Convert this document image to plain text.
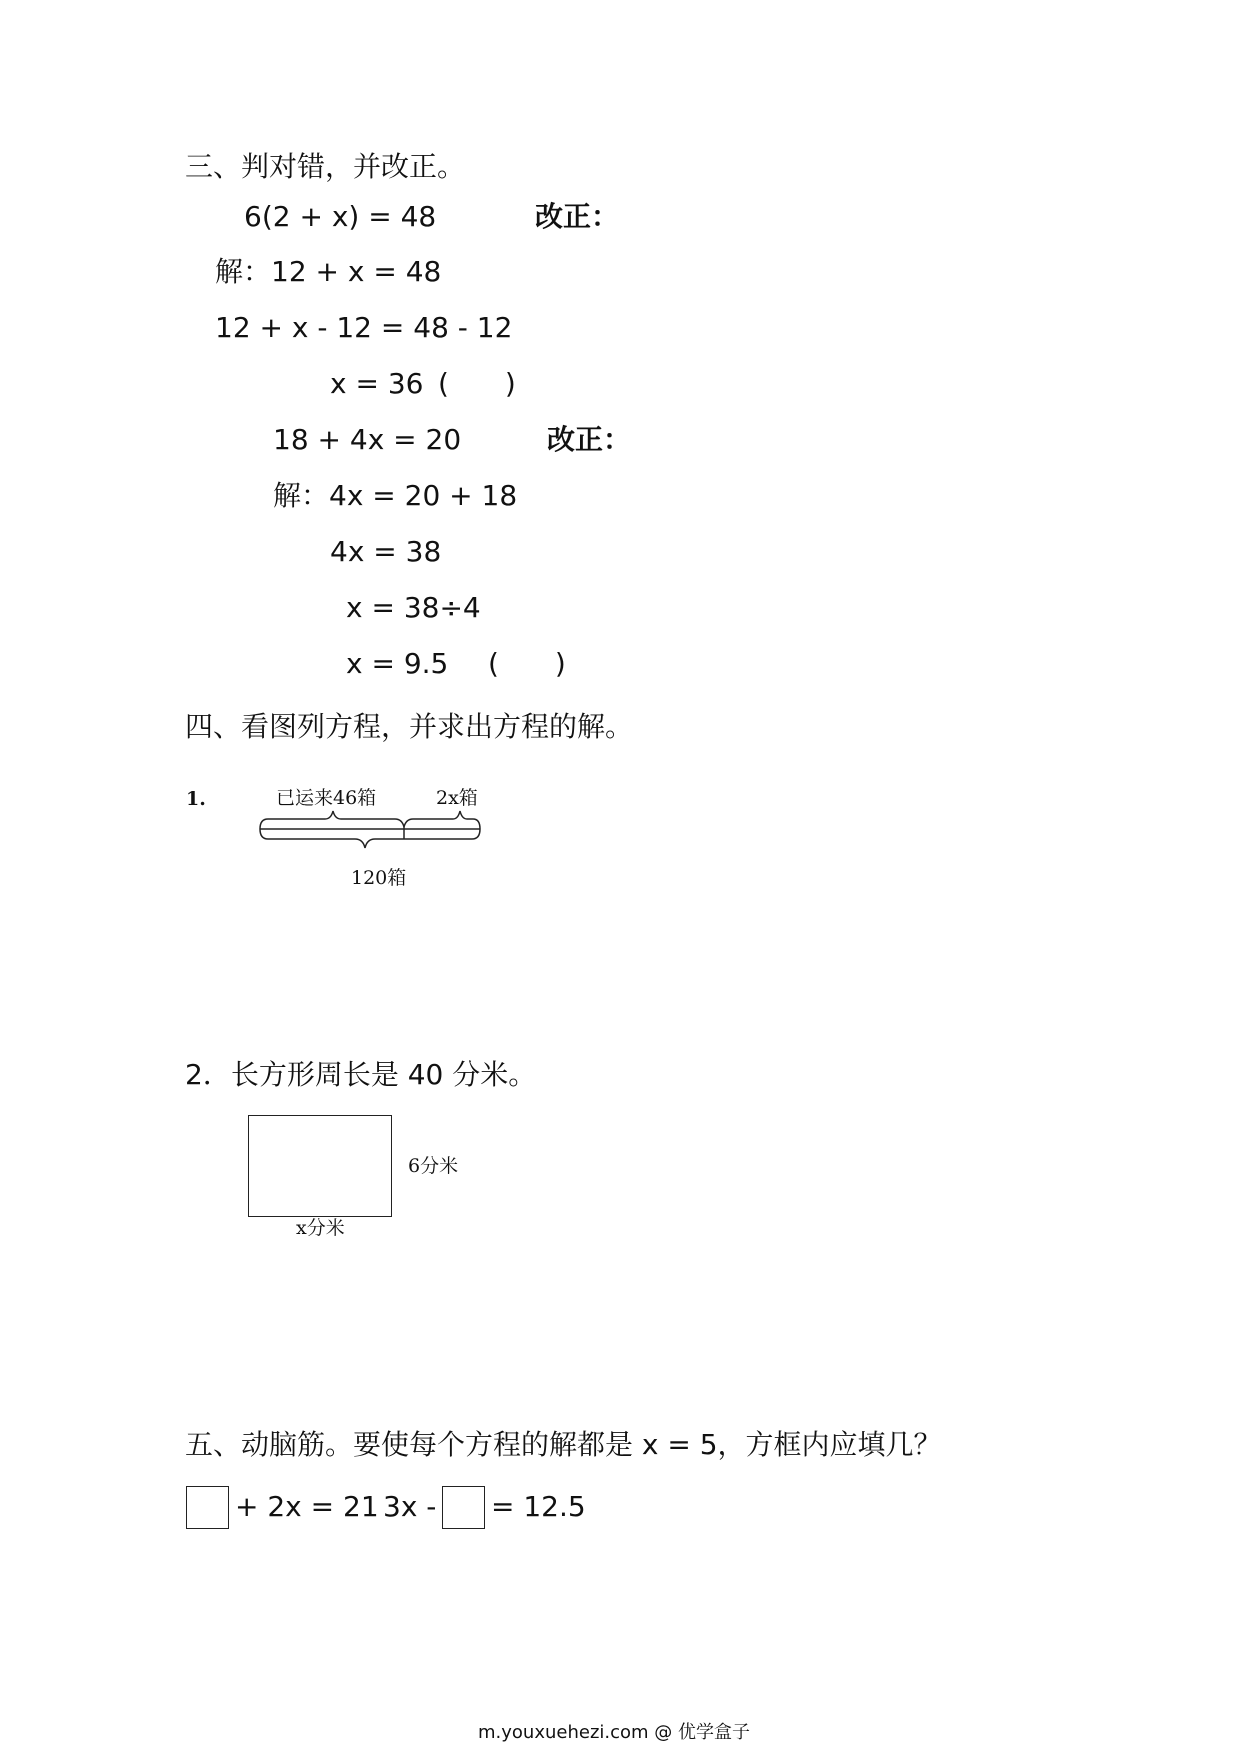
三、判对错，并改正。
6(2 + x) = 48	改正：
解：12 + x = 48
12 + x - 12 = 48 - 12
x = 36 (　　)
18 + 4x = 20	改正：
解：4x = 20 + 18
4x = 38
x = 38÷4
x = 9.5 (　　)
四、看图列方程，并求出方程的解。
1.	已运来46箱	2x箱
120箱
2．长方形周长是 40 分米。
6分米
x分米
五、动脑筋。要使每个方程的解都是 x = 5，方框内应填几？
+ 2x = 21 3x - = 12.5
m.youxuehezi.com @ 优学盒子
